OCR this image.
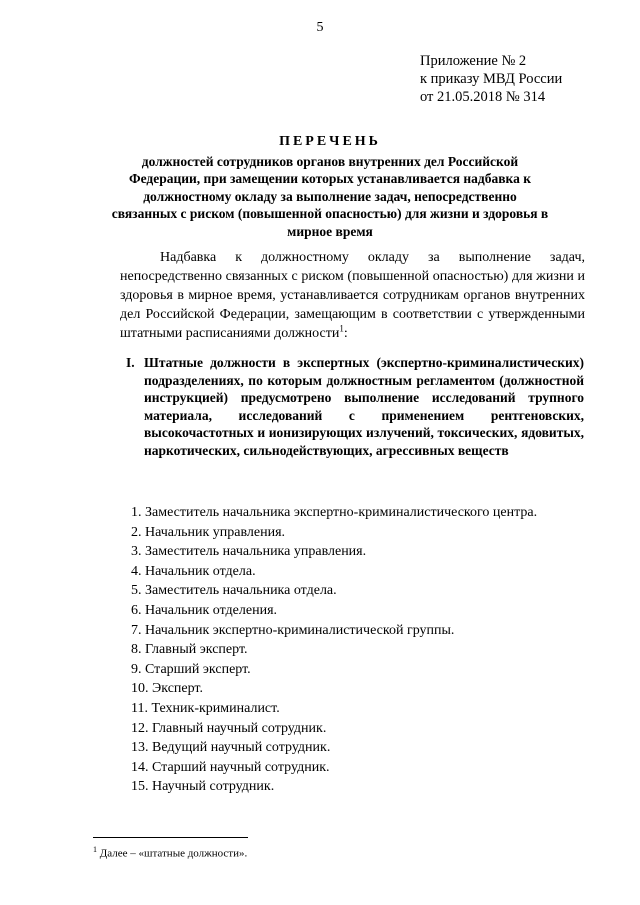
5
Приложение № 2
к приказу МВД России
от 21.05.2018 № 314
ПЕРЕЧЕНЬ
должностей сотрудников органов внутренних дел Российской Федерации, при замещении которых устанавливается надбавка к должностному окладу за выполнение задач, непосредственно связанных с риском (повышенной опасностью) для жизни и здоровья в мирное время
Надбавка к должностному окладу за выполнение задач, непосредственно связанных с риском (повышенной опасностью) для жизни и здоровья в мирное время, устанавливается сотрудникам органов внутренних дел Российской Федерации, замещающим в соответствии с утвержденными штатными расписаниями должности$^1$:
I. Штатные должности в экспертных (экспертно-криминалистических) подразделениях, по которым должностным регламентом (должностной инструкцией) предусмотрено выполнение исследований трупного материала, исследований с применением рентгеновских, высокочастотных и ионизирующих излучений, токсических, ядовитых, наркотических, сильнодействующих, агрессивных веществ
1. Заместитель начальника экспертно-криминалистического центра.
2. Начальник управления.
3. Заместитель начальника управления.
4. Начальник отдела.
5. Заместитель начальника отдела.
6. Начальник отделения.
7. Начальник экспертно-криминалистической группы.
8. Главный эксперт.
9. Старший эксперт.
10. Эксперт.
11. Техник-криминалист.
12. Главный научный сотрудник.
13. Ведущий научный сотрудник.
14. Старший научный сотрудник.
15. Научный сотрудник.
$^1$ Далее – «штатные должности».
